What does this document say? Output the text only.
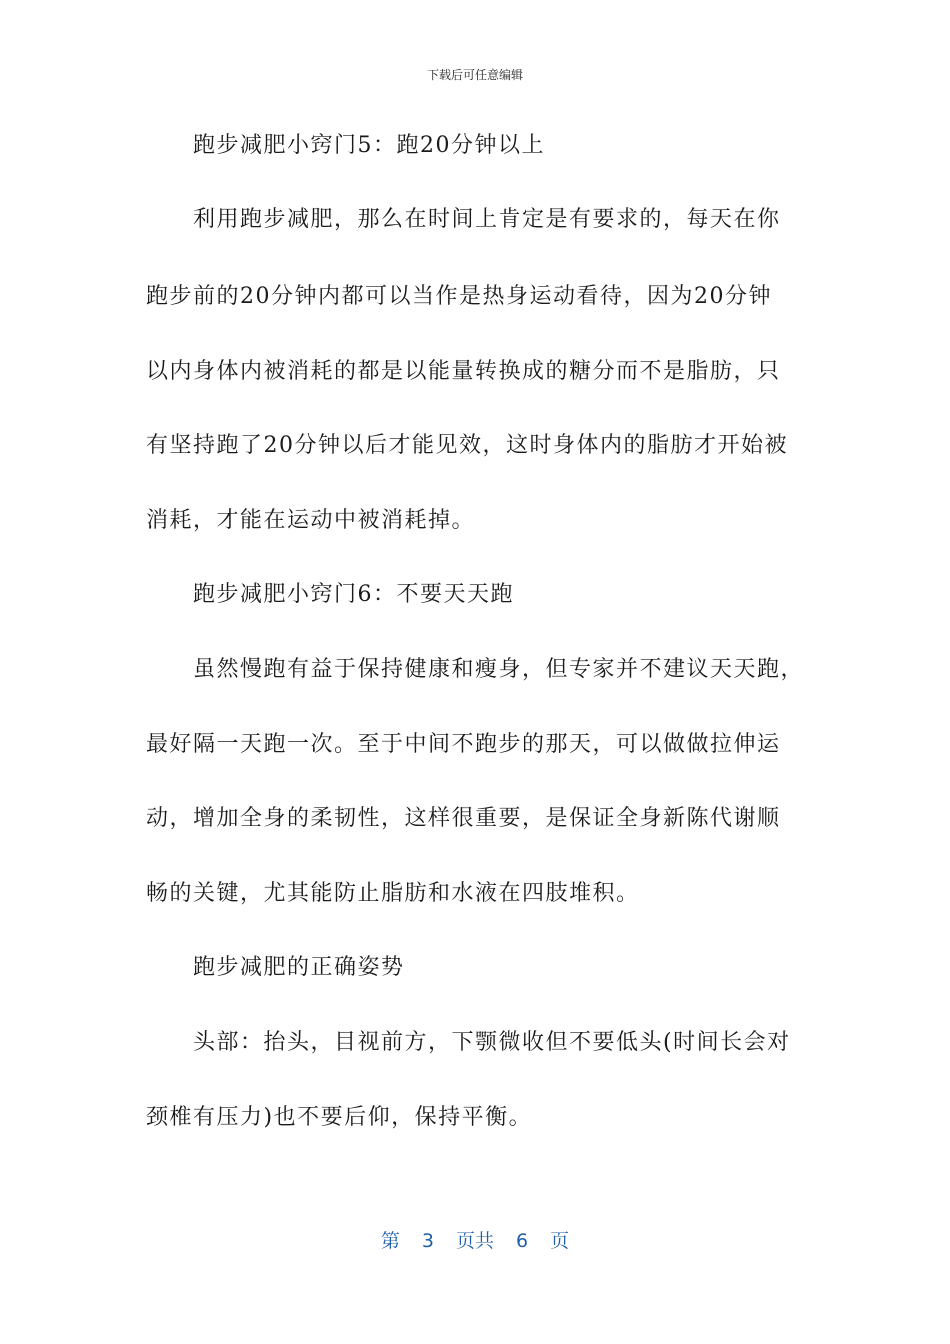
下载后可任意编辑
跑步减肥小窍门5：跑20分钟以上
利用跑步减肥，那么在时间上肯定是有要求的，每天在你
跑步前的20分钟内都可以当作是热身运动看待，因为20分钟
以内身体内被消耗的都是以能量转换成的糖分而不是脂肪，只
有坚持跑了20分钟以后才能见效，这时身体内的脂肪才开始被
消耗，才能在运动中被消耗掉。
跑步减肥小窍门6：不要天天跑
虽然慢跑有益于保持健康和瘦身，但专家并不建议天天跑，
最好隔一天跑一次。至于中间不跑步的那天，可以做做拉伸运
动，增加全身的柔韧性，这样很重要，是保证全身新陈代谢顺
畅的关键，尤其能防止脂肪和水液在四肢堆积。
跑步减肥的正确姿势
头部：抬头，目视前方，下颚微收但不要低头(时间长会对
颈椎有压力)也不要后仰，保持平衡。
第 3 页共 6 页
